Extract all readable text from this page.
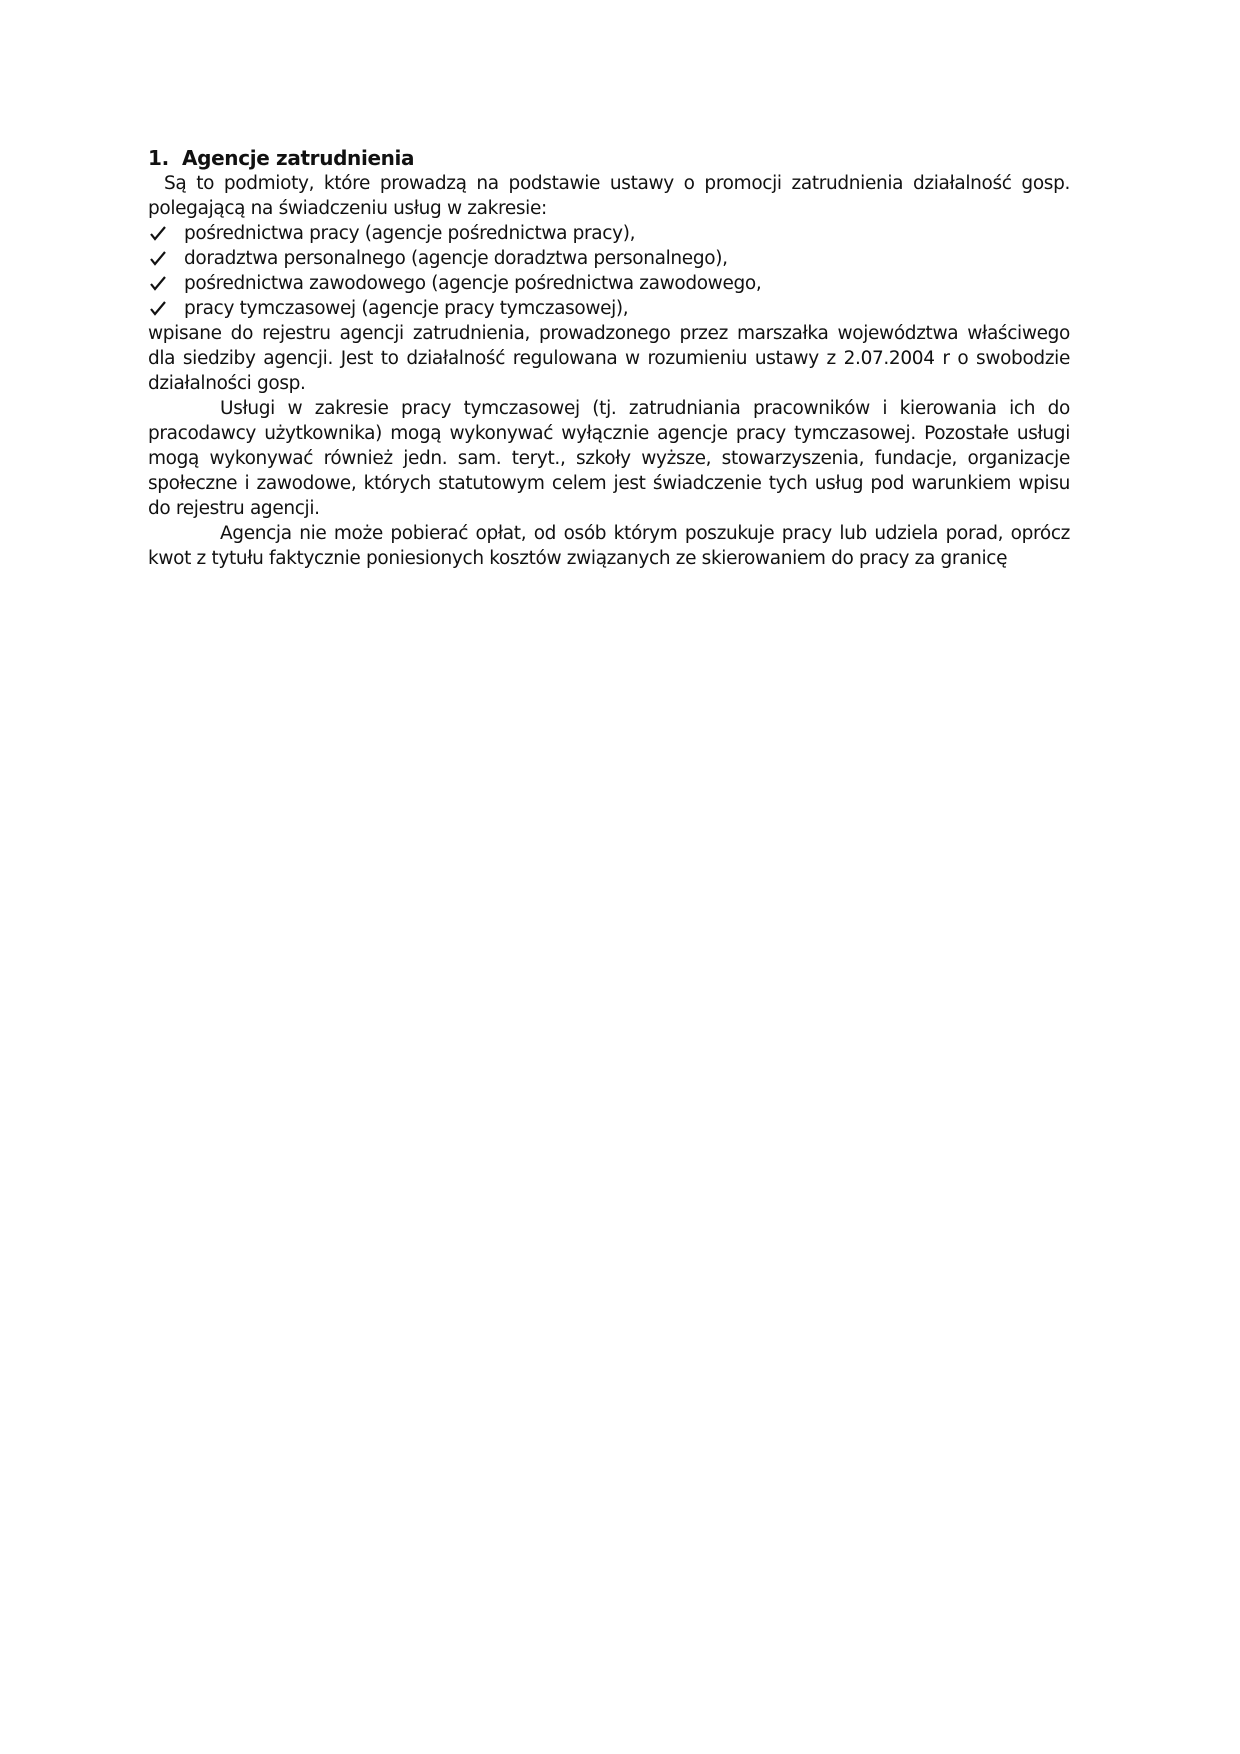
1. Agencje zatrudnienia

Są to podmioty, które prowadzą na podstawie ustawy o promocji zatrudnienia działalność gosp. polegającą na świadczeniu usług w zakresie:

pośrednictwa pracy (agencje pośrednictwa pracy),
doradztwa personalnego (agencje doradztwa personalnego),
pośrednictwa zawodowego (agencje pośrednictwa zawodowego,
pracy tymczasowej (agencje pracy tymczasowej),

wpisane do rejestru agencji zatrudnienia, prowadzonego przez marszałka województwa właściwego dla siedziby agencji. Jest to działalność regulowana w rozumieniu ustawy z 2.07.2004 r o swobodzie działalności gosp.

Usługi w zakresie pracy tymczasowej (tj. zatrudniania pracowników i kierowania ich do pracodawcy użytkownika) mogą wykonywać wyłącznie agencje pracy tymczasowej. Pozostałe usługi mogą wykonywać również jedn. sam. teryt., szkoły wyższe, stowarzyszenia, fundacje, organizacje społeczne i zawodowe, których statutowym celem jest świadczenie tych usług pod warunkiem wpisu do rejestru agencji.

Agencja nie może pobierać opłat, od osób którym poszukuje pracy lub udziela porad, oprócz kwot z tytułu faktycznie poniesionych kosztów związanych ze skierowaniem do pracy za granicę
